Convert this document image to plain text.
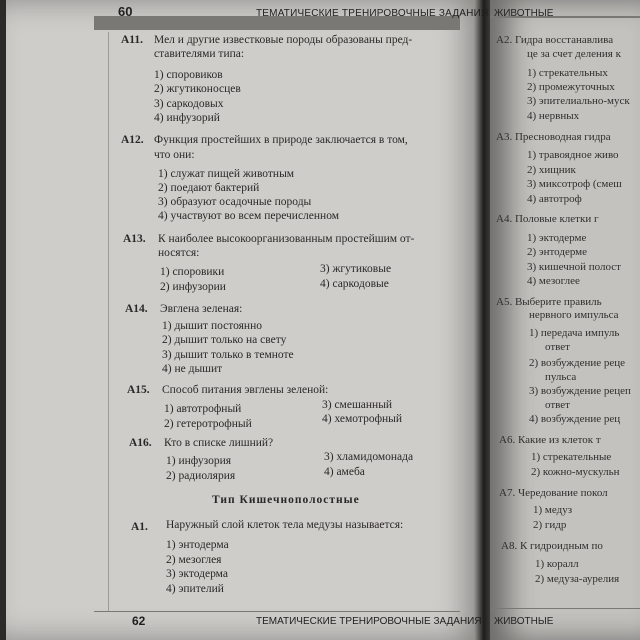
60	ТЕМАТИЧЕСКИЕ ТРЕНИРОВОЧНЫЕ ЗАДАНИЯ ЖИВОТНЫЕ
A11. Мел и другие известковые породы образованы пред-
ставителями типа:
1) споровиков
2) жгутиконосцев
3) саркодовых
4) инфузорий
A12. Функция простейших в природе заключается в том,
что они:
1) служат пищей животным
2) поедают бактерий
3) образуют осадочные породы
4) участвуют во всем перечисленном
A13. К наиболее высокоорганизованным простейшим от-
носятся:
1) споровики
2) инфузории
3) жгутиковые
4) саркодовые
A14. Эвглена зеленая:
1) дышит постоянно
2) дышит только на свету
3) дышит только в темноте
4) не дышит
A15. Способ питания эвглены зеленой:
1) автотрофный
2) гетеротрофный
3) смешанный
4) хемотрофный
A16. Кто в списке лишний?
1) инфузория
2) радиолярия
3) хламидомонада
4) амеба
Тип Кишечнополостные
A1. Наружный слой клеток тела медузы называется:
1) энтодерма
2) мезоглея
3) эктодерма
4) эпителий
62	ТЕМАТИЧЕСКИЕ ТРЕНИРОВОЧНЫЕ ЗАДАНИЯ ЖИВОТНЫЕ
A2. Гидра восстанавлива
це за счет деления к
1) стрекательных
2) промежуточных
3) эпителиально-муск
4) нервных
A3. Пресноводная гидра
1) травоядное живо
2) хищник
3) миксотроф (смеш
4) автотроф
A4. Половые клетки г
1) эктодерме
2) энтодерме
3) кишечной полост
4) мезоглее
A5. Выберите правиль
нервного импульса
1) передача импуль
ответ
2) возбуждение реце
пульса
3) возбуждение рецеп
ответ
4) возбуждение рец
A6. Какие из клеток т
1) стрекательные
2) кожно-мускульн
A7. Чередование покол
1) медуз
2) гидр
A8. К гидроидным по
1) коралл
2) медуза-аурелия
